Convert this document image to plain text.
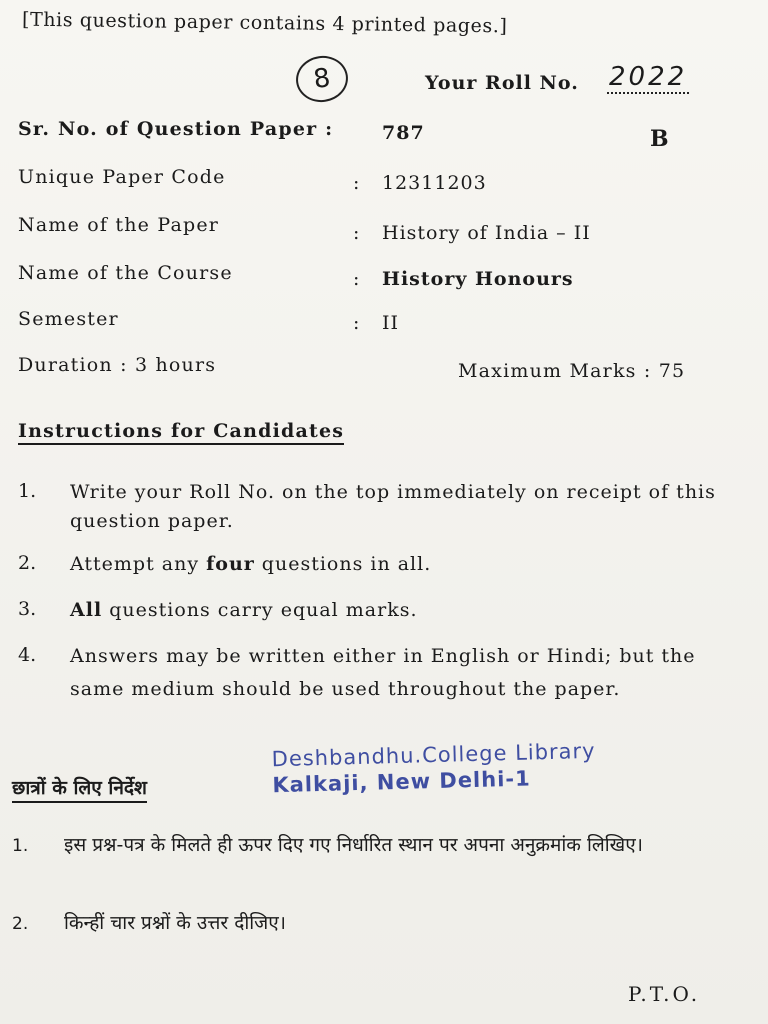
[This question paper contains 4 printed pages.]
8	Your Roll No. 2022
Sr. No. of Question Paper :	787	B
Unique Paper Code	: 12311203
Name of the Paper	: History of India – II
Name of the Course	: History Honours
Semester	: II
Duration : 3 hours	Maximum Marks : 75
Instructions for Candidates
1. Write your Roll No. on the top immediately on receipt of this question paper.
2. Attempt any four questions in all.
3. All questions carry equal marks.
4. Answers may be written either in English or Hindi; but the same medium should be used throughout the paper.
Deshbandhu.College Library
Kalkaji, New Delhi-1
छात्रों के लिए निर्देश
1. इस प्रश्न-पत्र के मिलते ही ऊपर दिए गए निर्धारित स्थान पर अपना अनुक्रमांक लिखिए।
2. किन्हीं चार प्रश्नों के उत्तर दीजिए।
P.T.O.
